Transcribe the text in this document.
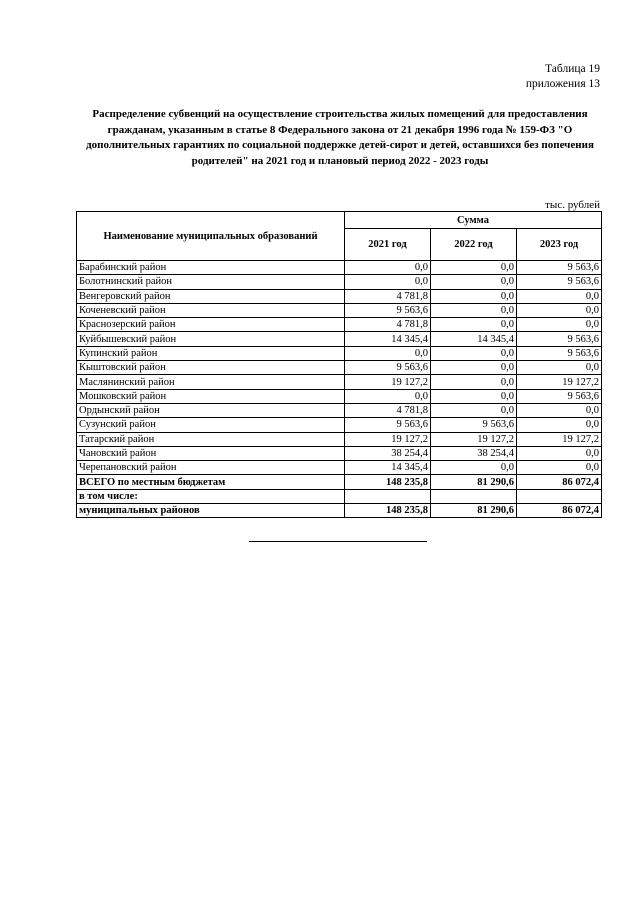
Таблица 19
приложения 13
Распределение субвенций на осуществление строительства жилых помещений для предоставления гражданам, указанным в статье 8 Федерального закона от 21 декабря 1996 года № 159-ФЗ "О дополнительных гарантиях по социальной поддержке детей-сирот и детей, оставшихся без попечения родителей" на 2021 год и плановый период 2022 - 2023 годы
тыс. рублей
Наименование муниципальных образований	Сумма		
	2021 год	2022 год	2023 год
Барабинский район	0,0	0,0	9 563,6
Болотнинский район	0,0	0,0	9 563,6
Венгеровский район	4 781,8	0,0	0,0
Коченевский район	9 563,6	0,0	0,0
Краснозерский район	4 781,8	0,0	0,0
Куйбышевский район	14 345,4	14 345,4	9 563,6
Купинский район	0,0	0,0	9 563,6
Кыштовский район	9 563,6	0,0	0,0
Маслянинский район	19 127,2	0,0	19 127,2
Мошковский район	0,0	0,0	9 563,6
Ордынский район	4 781,8	0,0	0,0
Сузунский район	9 563,6	9 563,6	0,0
Татарский район	19 127,2	19 127,2	19 127,2
Чановский район	38 254,4	38 254,4	0,0
Черепановский район	14 345,4	0,0	0,0
ВСЕГО по местным бюджетам	148 235,8	81 290,6	86 072,4
в том числе:			
муниципальных районов	148 235,8	81 290,6	86 072,4
